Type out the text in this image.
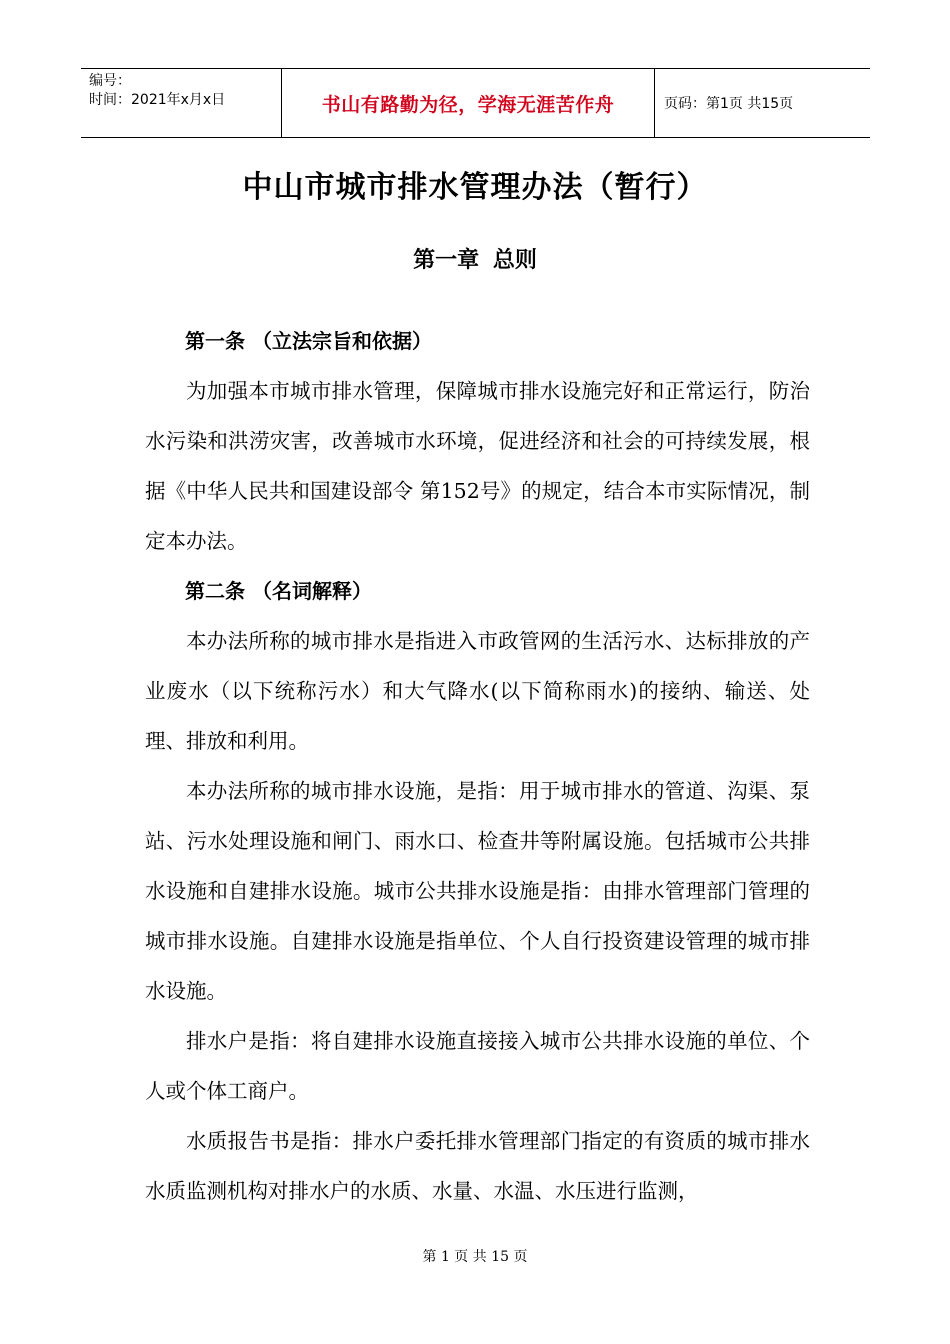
编号：
时间：2021年x月x日	书山有路勤为径，学海无涯苦作舟	页码：第1页 共15页
中山市城市排水管理办法（暂行）
第一章 总则

第一条 （立法宗旨和依据）

为加强本市城市排水管理，保障城市排水设施完好和正常运行，防治水污染和洪涝灾害，改善城市水环境，促进经济和社会的可持续发展，根据《中华人民共和国建设部令 第152号》的规定，结合本市实际情况，制定本办法。

第二条 （名词解释）

本办法所称的城市排水是指进入市政管网的生活污水、达标排放的产业废水（以下统称污水）和大气降水(以下简称雨水)的接纳、输送、处理、排放和利用。

本办法所称的城市排水设施，是指：用于城市排水的管道、沟渠、泵站、污水处理设施和闸门、雨水口、检查井等附属设施。包括城市公共排水设施和自建排水设施。城市公共排水设施是指：由排水管理部门管理的城市排水设施。自建排水设施是指单位、个人自行投资建设管理的城市排水设施。

排水户是指：将自建排水设施直接接入城市公共排水设施的单位、个人或个体工商户。

水质报告书是指：排水户委托排水管理部门指定的有资质的城市排水水质监测机构对排水户的水质、水量、水温、水压进行监测，

第 1 页 共 15 页
